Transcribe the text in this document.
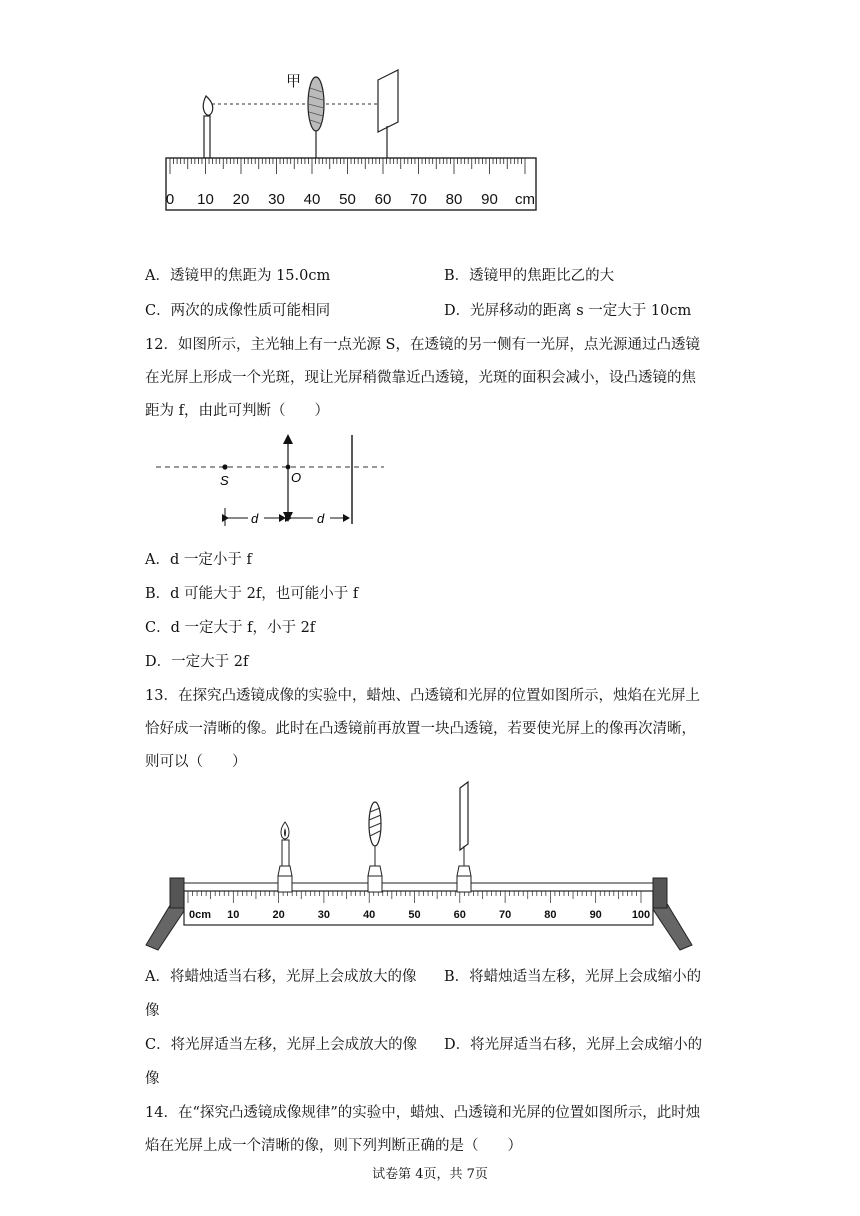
甲
0 10 20 30 40 50 60 70 80 90 cm
A．透镜甲的焦距为 15.0cm	B．透镜甲的焦距比乙的大
C．两次的成像性质可能相同	D．光屏移动的距离 s 一定大于 10cm
12．如图所示，主光轴上有一点光源 S，在透镜的另一侧有一光屏，点光源通过凸透镜
在光屏上形成一个光斑，现让光屏稍微靠近凸透镜，光斑的面积会减小，设凸透镜的焦
距为 f，由此可判断（　　）
S	O
d	d
A．d 一定小于 f
B．d 可能大于 2f，也可能小于 f
C．d 一定大于 f，小于 2f
D．一定大于 2f
13．在探究凸透镜成像的实验中，蜡烛、凸透镜和光屏的位置如图所示，烛焰在光屏上
恰好成一清晰的像。此时在凸透镜前再放置一块凸透镜，若要使光屏上的像再次清晰，
则可以（　　）
0cm 10	20	30	40	50	60	70	80	90	100
A．将蜡烛适当右移，光屏上会成放大的像 B．将蜡烛适当左移，光屏上会成缩小的
像
C．将光屏适当左移，光屏上会成放大的像 D．将光屏适当右移，光屏上会成缩小的
像
14．在“探究凸透镜成像规律”的实验中，蜡烛、凸透镜和光屏的位置如图所示，此时烛
焰在光屏上成一个清晰的像，则下列判断正确的是（　　）
试卷第 4页，共 7页
